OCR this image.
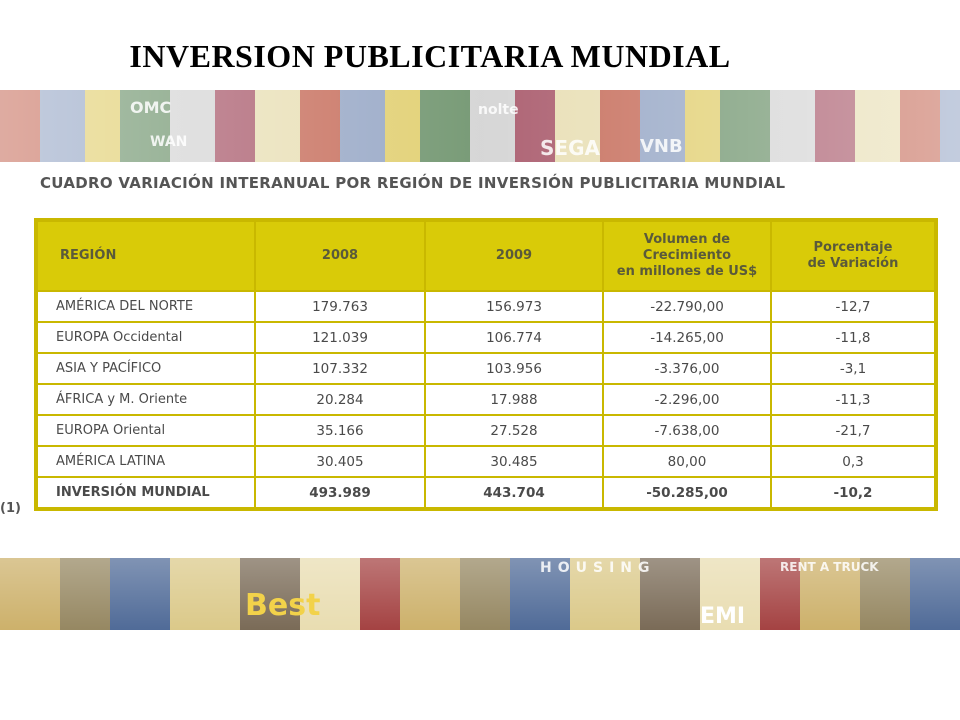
INVERSION PUBLICITARIA MUNDIAL
OMC	nolte
SEGA VNB
WAN
CUADRO VARIACIÓN INTERANUAL POR REGIÓN DE INVERSIÓN PUBLICITARIA MUNDIAL
(1)
REGIÓN	2008	2009	Volumen de
Crecimiento
en millones de US$	Porcentaje
de Variación
AMÉRICA DEL NORTE	179.763	156.973	-22.790,00	-12,7
EUROPA Occidental	121.039	106.774	-14.265,00	-11,8
ASIA Y PACÍFICO	107.332	103.956	-3.376,00	-3,1
ÁFRICA y M. Oriente	20.284	17.988	-2.296,00	-11,3
EUROPA Oriental	35.166	27.528	-7.638,00	-21,7
AMÉRICA LATINA	30.405	30.485	80,00	0,3
INVERSIÓN MUNDIAL	493.989	443.704	-50.285,00	-10,2
Best
HOUSING
EMI
RENT A TRUCK
